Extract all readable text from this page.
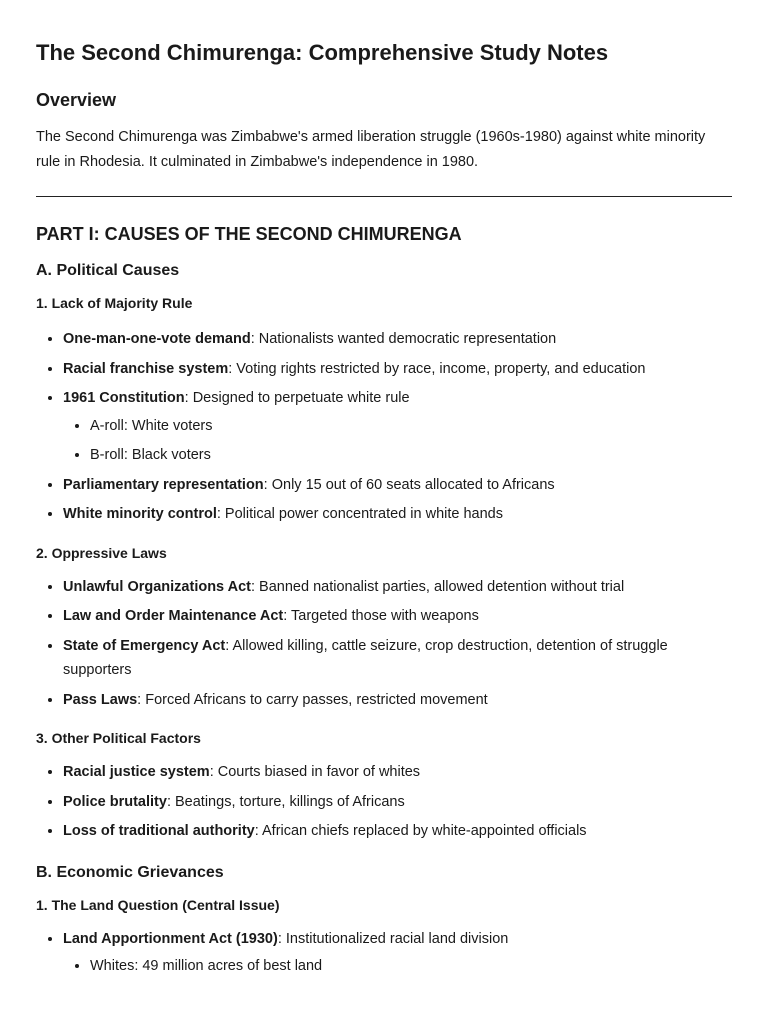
The Second Chimurenga: Comprehensive Study Notes
Overview

The Second Chimurenga was Zimbabwe's armed liberation struggle (1960s-1980) against white minority rule in Rhodesia. It culminated in Zimbabwe's independence in 1980.

PART I: CAUSES OF THE SECOND CHIMURENGA
A. Political Causes
1. Lack of Majority Rule
• One-man-one-vote demand: Nationalists wanted democratic representation
• Racial franchise system: Voting rights restricted by race, income, property, and education
• 1961 Constitution: Designed to perpetuate white rule
• A-roll: White voters
• B-roll: Black voters
• Parliamentary representation: Only 15 out of 60 seats allocated to Africans
• White minority control: Political power concentrated in white hands
2. Oppressive Laws
• Unlawful Organizations Act: Banned nationalist parties, allowed detention without trial
• Law and Order Maintenance Act: Targeted those with weapons
• State of Emergency Act: Allowed killing, cattle seizure, crop destruction, detention of struggle supporters
• Pass Laws: Forced Africans to carry passes, restricted movement
3. Other Political Factors
• Racial justice system: Courts biased in favor of whites
• Police brutality: Beatings, torture, killings of Africans
• Loss of traditional authority: African chiefs replaced by white-appointed officials
B. Economic Grievances
1. The Land Question (Central Issue)
• Land Apportionment Act (1930): Institutionalized racial land division
• Whites: 49 million acres of best land
